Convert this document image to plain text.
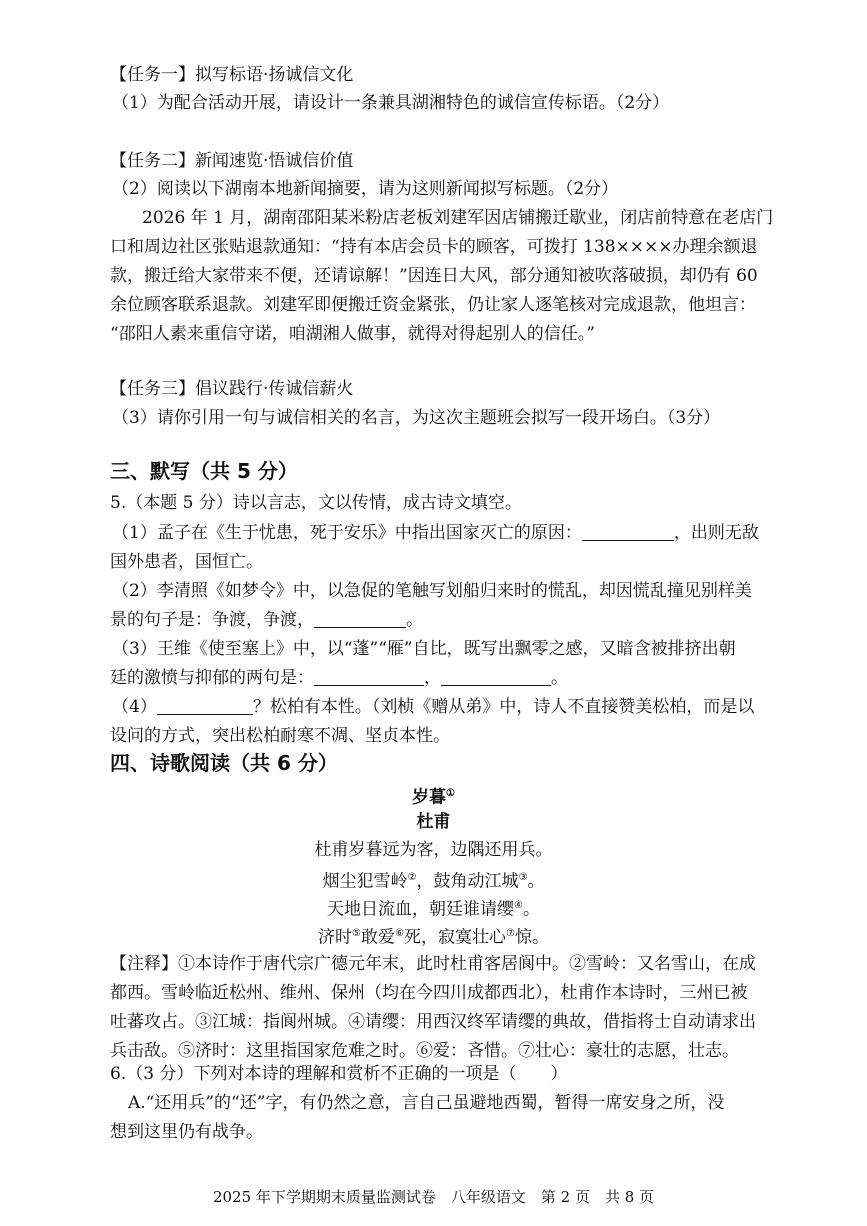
【任务一】拟写标语·扬诚信文化
（1）为配合活动开展，请设计一条兼具湖湘特色的诚信宣传标语。（2分）
【任务二】新闻速览·悟诚信价值
（2）阅读以下湖南本地新闻摘要，请为这则新闻拟写标题。（2分）
2026 年 1 月，湖南邵阳某米粉店老板刘建军因店铺搬迁歇业，闭店前特意在老店门
口和周边社区张贴退款通知：“持有本店会员卡的顾客，可拨打 138××××办理余额退
款，搬迁给大家带来不便，还请谅解！”因连日大风，部分通知被吹落破损，却仍有 60
余位顾客联系退款。刘建军即便搬迁资金紧张，仍让家人逐笔核对完成退款，他坦言：
“邵阳人素来重信守诺，咱湖湘人做事，就得对得起别人的信任。”
【任务三】倡议践行·传诚信薪火
（3）请你引用一句与诚信相关的名言，为这次主题班会拟写一段开场白。（3分）
三、默写（共 5 分）
5.（本题 5 分）诗以言志，文以传情，成古诗文填空。
（1）孟子在《生于忧患，死于安乐》中指出国家灭亡的原因：	，出则无敌
国外患者，国恒亡。
（2）李清照《如梦令》中，以急促的笔触写划船归来时的慌乱，却因慌乱撞见别样美
景的句子是：争渡，争渡，	。
（3）王维《使至塞上》中，以“蓬”“雁”自比，既写出飘零之感，又暗含被排挤出朝
廷的激愤与抑郁的两句是：	，	。
（4）	？松柏有本性。（刘桢《赠从弟》中，诗人不直接赞美松柏，而是以
设问的方式，突出松柏耐寒不凋、坚贞本性。
四、诗歌阅读（共 6 分）
岁暮①
杜甫
杜甫岁暮远为客，边隅还用兵。
烟尘犯雪岭②，鼓角动江城③。
天地日流血，朝廷谁请缨④。
济时⑤敢爱⑥死，寂寞壮心⑦惊。
【注释】①本诗作于唐代宗广德元年末，此时杜甫客居阆中。②雪岭：又名雪山，在成
都西。雪岭临近松州、维州、保州（均在今四川成都西北），杜甫作本诗时，三州已被
吐蕃攻占。③江城：指阆州城。④请缨：用西汉终军请缨的典故，借指将士自动请求出
兵击敌。⑤济时：这里指国家危难之时。⑥爱：吝惜。⑦壮心：豪壮的志愿，壮志。
6.（3 分）下列对本诗的理解和赏析不正确的一项是（　　）
A.“还用兵”的“还”字，有仍然之意，言自己虽避地西蜀，暂得一席安身之所，没
想到这里仍有战争。
2025 年下学期期末质量监测试卷　八年级语文　第 2 页　共 8 页
